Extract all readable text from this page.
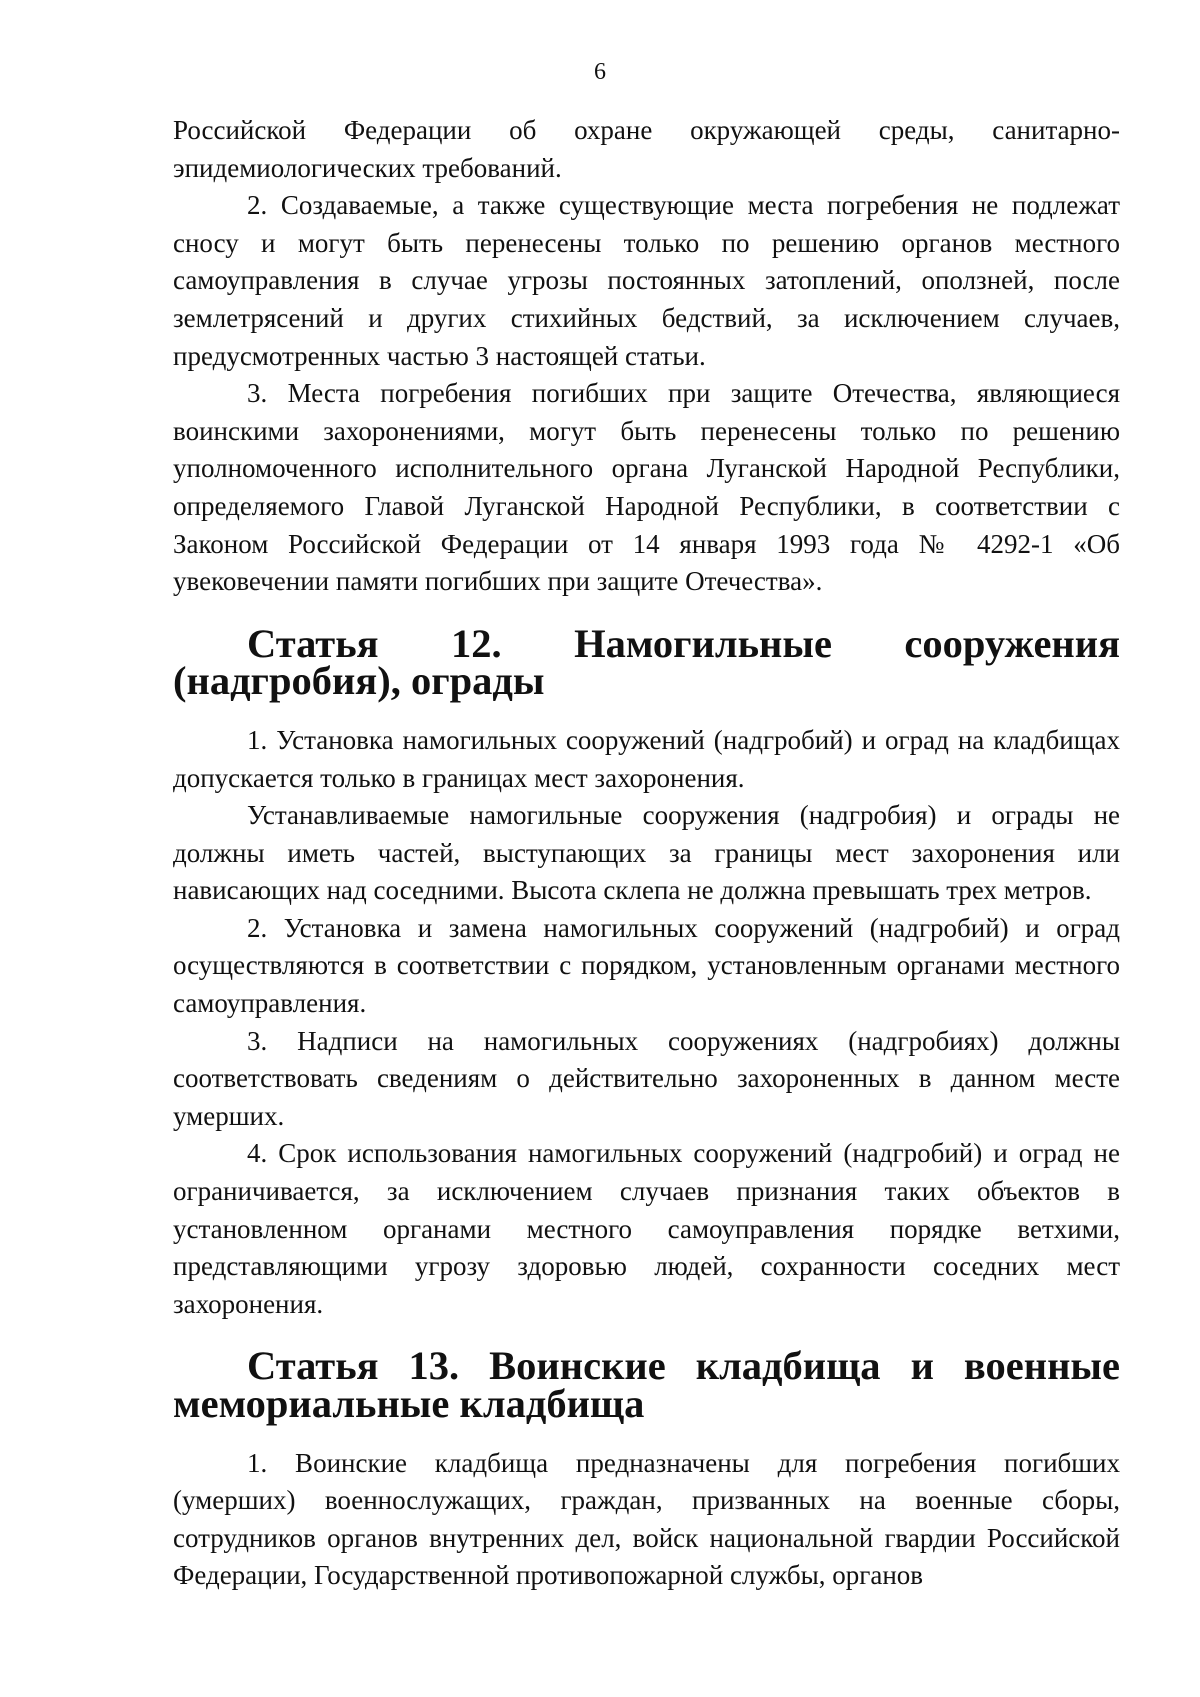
6

Российской Федерации об охране окружающей среды, санитарно-эпидемиологических требований.

2. Создаваемые, а также существующие места погребения не подлежат сносу и могут быть перенесены только по решению органов местного самоуправления в случае угрозы постоянных затоплений, оползней, после землетрясений и других стихийных бедствий, за исключением случаев, предусмотренных частью 3 настоящей статьи.

3. Места погребения погибших при защите Отечества, являющиеся воинскими захоронениями, могут быть перенесены только по решению уполномоченного исполнительного органа Луганской Народной Республики, определяемого Главой Луганской Народной Республики, в соответствии с Законом Российской Федерации от 14 января 1993 года № 4292-1 «Об увековечении памяти погибших при защите Отечества».

Статья 12. Намогильные сооружения (надгробия), ограды

1. Установка намогильных сооружений (надгробий) и оград на кладбищах допускается только в границах мест захоронения.

Устанавливаемые намогильные сооружения (надгробия) и ограды не должны иметь частей, выступающих за границы мест захоронения или нависающих над соседними. Высота склепа не должна превышать трех метров.

2. Установка и замена намогильных сооружений (надгробий) и оград осуществляются в соответствии с порядком, установленным органами местного самоуправления.

3. Надписи на намогильных сооружениях (надгробиях) должны соответствовать сведениям о действительно захороненных в данном месте умерших.

4. Срок использования намогильных сооружений (надгробий) и оград не ограничивается, за исключением случаев признания таких объектов в установленном органами местного самоуправления порядке ветхими, представляющими угрозу здоровью людей, сохранности соседних мест захоронения.

Статья 13. Воинские кладбища и военные мемориальные кладбища

1. Воинские кладбища предназначены для погребения погибших (умерших) военнослужащих, граждан, призванных на военные сборы, сотрудников органов внутренних дел, войск национальной гвардии Российской Федерации, Государственной противопожарной службы, органов
